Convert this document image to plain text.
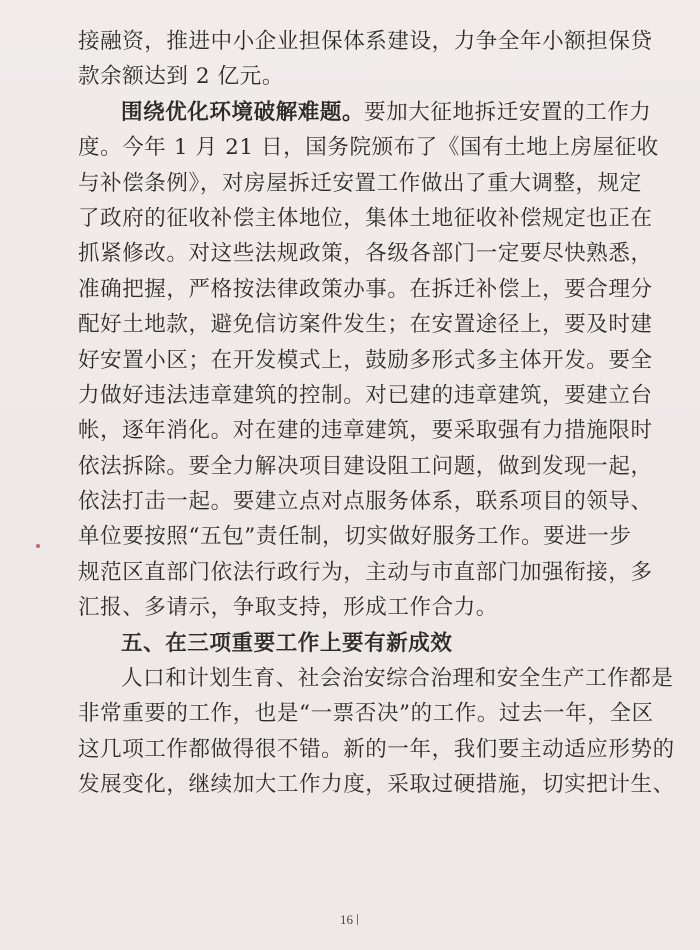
接融资，推进中小企业担保体系建设，力争全年小额担保贷
款余额达到 2 亿元。
围绕优化环境破解难题。要加大征地拆迁安置的工作力
度。今年 1 月 21 日，国务院颁布了《国有土地上房屋征收
与补偿条例》，对房屋拆迁安置工作做出了重大调整，规定
了政府的征收补偿主体地位，集体土地征收补偿规定也正在
抓紧修改。对这些法规政策，各级各部门一定要尽快熟悉，
准确把握，严格按法律政策办事。在拆迁补偿上，要合理分
配好土地款，避免信访案件发生；在安置途径上，要及时建
好安置小区；在开发模式上，鼓励多形式多主体开发。要全
力做好违法违章建筑的控制。对已建的违章建筑，要建立台
帐，逐年消化。对在建的违章建筑，要采取强有力措施限时
依法拆除。要全力解决项目建设阻工问题，做到发现一起，
依法打击一起。要建立点对点服务体系，联系项目的领导、
单位要按照“五包”责任制，切实做好服务工作。要进一步
规范区直部门依法行政行为，主动与市直部门加强衔接，多
汇报、多请示，争取支持，形成工作合力。
五、在三项重要工作上要有新成效
人口和计划生育、社会治安综合治理和安全生产工作都是
非常重要的工作，也是“一票否决”的工作。过去一年，全区
这几项工作都做得很不错。新的一年，我们要主动适应形势的
发展变化，继续加大工作力度，采取过硬措施，切实把计生、
16
